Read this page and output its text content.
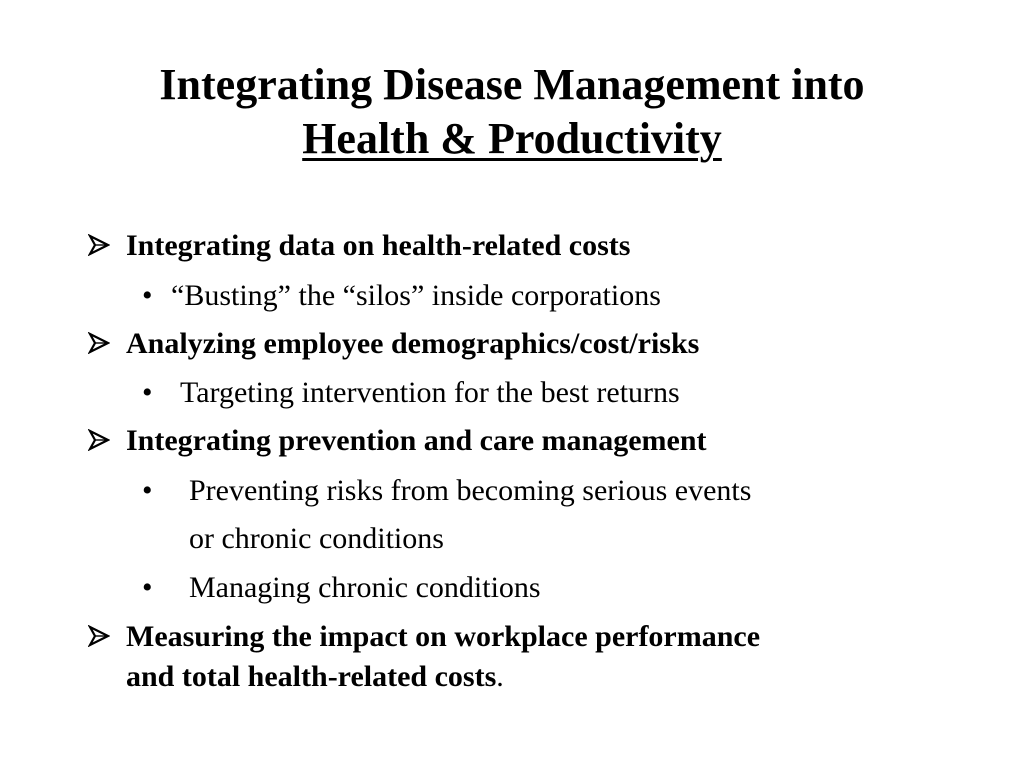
Integrating Disease Management into
Health & Productivity
Integrating data on health-related costs
• “Busting” the “silos” inside corporations
Analyzing employee demographics/cost/risks
• Targeting intervention for the best returns
Integrating prevention and care management
• Preventing risks from becoming serious events
or chronic conditions
• Managing chronic conditions
Measuring the impact on workplace performance
and total health-related costs.
